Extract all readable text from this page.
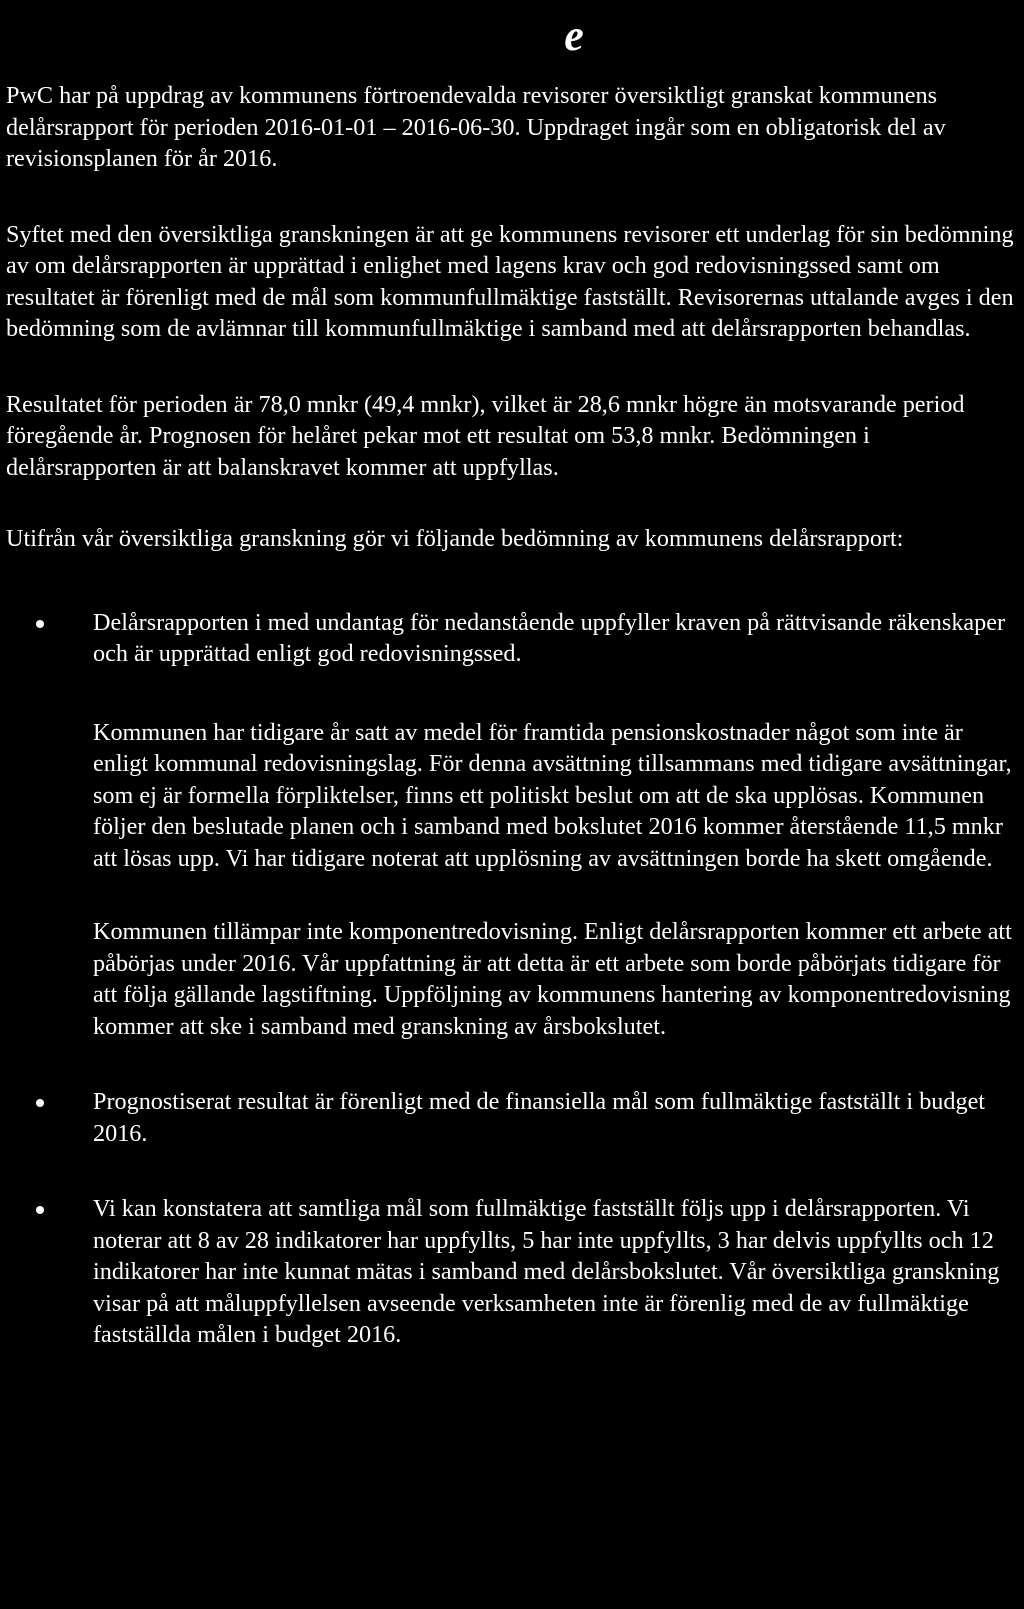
e

PwC har på uppdrag av kommunens förtroendevalda revisorer översiktligt granskat kommunens delårsrapport för perioden 2016-01-01 – 2016-06-30. Uppdraget ingår som en obligatorisk del av revisionsplanen för år 2016.

Syftet med den översiktliga granskningen är att ge kommunens revisorer ett underlag för sin bedömning av om delårsrapporten är upprättad i enlighet med lagens krav och god redovisningssed samt om resultatet är förenligt med de mål som kommunfullmäktige fastställt. Revisorernas uttalande avges i den bedömning som de avlämnar till kommunfullmäktige i samband med att delårsrapporten behandlas.

Resultatet för perioden är 78,0 mnkr (49,4 mnkr), vilket är 28,6 mnkr högre än motsvarande period föregående år. Prognosen för helåret pekar mot ett resultat om 53,8 mnkr. Bedömningen i delårsrapporten är att balanskravet kommer att uppfyllas.

Utifrån vår översiktliga granskning gör vi följande bedömning av kommunens delårsrapport:

Delårsrapporten i med undantag för nedanstående uppfyller kraven på rättvisande räkenskaper och är upprättad enligt god redovisningssed.

Kommunen har tidigare år satt av medel för framtida pensionskostnader något som inte är enligt kommunal redovisningslag. För denna avsättning tillsammans med tidigare avsättningar, som ej är formella förpliktelser, finns ett politiskt beslut om att de ska upplösas. Kommunen följer den beslutade planen och i samband med bokslutet 2016 kommer återstående 11,5 mnkr att lösas upp. Vi har tidigare noterat att upplösning av avsättningen borde ha skett omgående.

Kommunen tillämpar inte komponentredovisning. Enligt delårsrapporten kommer ett arbete att påbörjas under 2016. Vår uppfattning är att detta är ett arbete som borde påbörjats tidigare för att följa gällande lagstiftning. Uppföljning av kommunens hantering av komponentredovisning kommer att ske i samband med granskning av årsbokslutet.

Prognostiserat resultat är förenligt med de finansiella mål som fullmäktige fastställt i budget 2016.

Vi kan konstatera att samtliga mål som fullmäktige fastställt följs upp i delårsrapporten. Vi noterar att 8 av 28 indikatorer har uppfyllts, 5 har inte uppfyllts, 3 har delvis uppfyllts och 12 indikatorer har inte kunnat mätas i samband med delårsbokslutet. Vår översiktliga granskning visar på att måluppfyllelsen avseende verksamheten inte är förenlig med de av fullmäktige fastställda målen i budget 2016.
